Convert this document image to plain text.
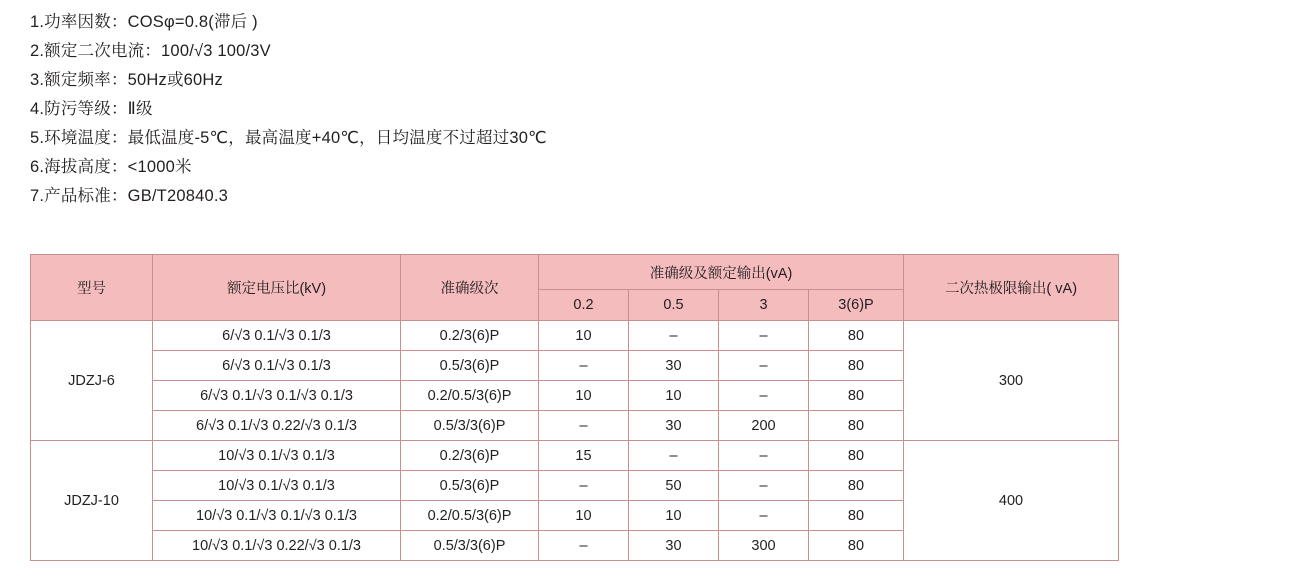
1.功率因数：COSφ=0.8(滞后 )
2.额定二次电流：100/√3 100/3V
3.额定频率：50Hz或60Hz
4.防污等级：Ⅱ级
5.环境温度：最低温度-5℃，最高温度+40℃，日均温度不过超过30℃
6.海拔高度：<1000米
7.产品标准：GB/T20840.3
型号	额定电压比(kV)	准确级次	准确级及额定输出(vA)				二次热极限输出( vA)
			0.2	0.5	3	3(6)P	
JDZJ-6	6/√3 0.1/√3 0.1/3	0.2/3(6)P	10	–	–	80	300
	6/√3 0.1/√3 0.1/3	0.5/3(6)P	–	30	–	80	
	6/√3 0.1/√3 0.1/√3 0.1/3	0.2/0.5/3(6)P	10	10	–	80	
	6/√3 0.1/√3 0.22/√3 0.1/3	0.5/3/3(6)P	–	30	200	80	
JDZJ-10	10/√3 0.1/√3 0.1/3	0.2/3(6)P	15	–	–	80	400
	10/√3 0.1/√3 0.1/3	0.5/3(6)P	–	50	–	80	
	10/√3 0.1/√3 0.1/√3 0.1/3	0.2/0.5/3(6)P	10	10	–	80	
	10/√3 0.1/√3 0.22/√3 0.1/3	0.5/3/3(6)P	–	30	300	80	
